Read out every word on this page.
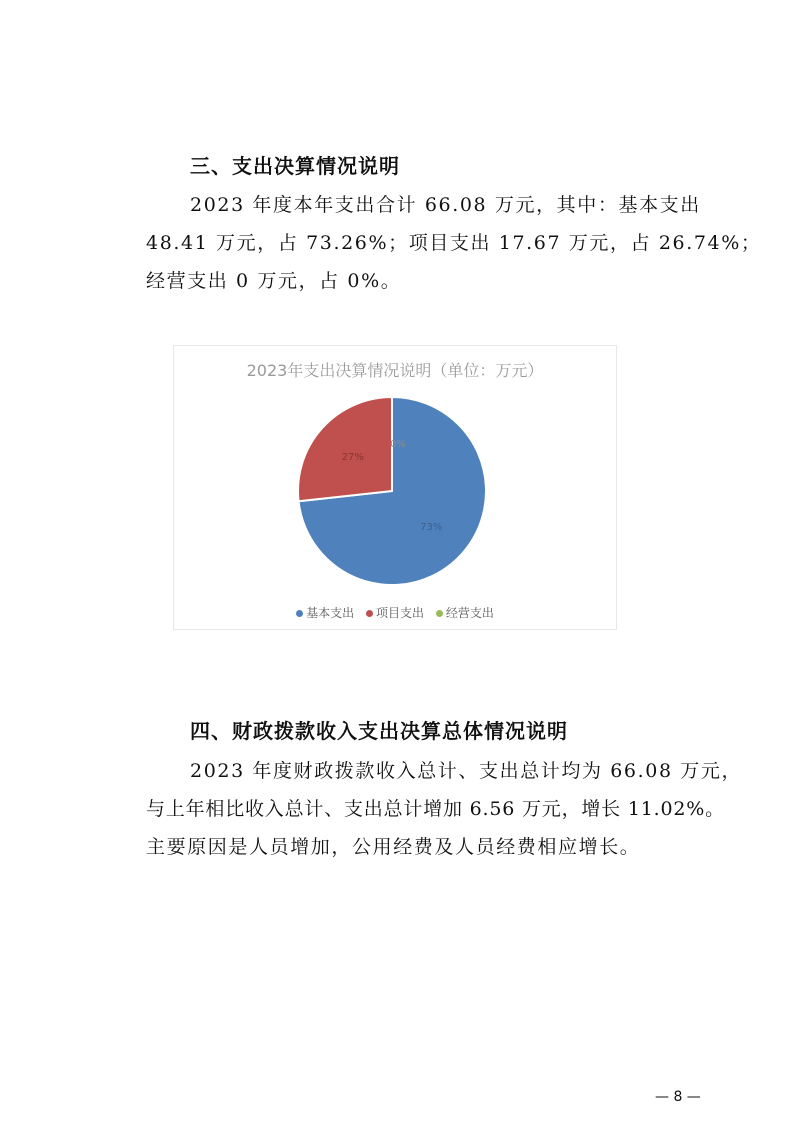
三、支出决算情况说明
2023 年度本年支出合计 66.08 万元，其中：基本支出
48.41 万元，占 73.26%；项目支出 17.67 万元，占 26.74%；
经营支出 0 万元，占 0%。
2023年支出决算情况说明（单位：万元）
73%
27%
0%
基本支出 项目支出 经营支出
四、财政拨款收入支出决算总体情况说明
2023 年度财政拨款收入总计、支出总计均为 66.08 万元，
与上年相比收入总计、支出总计增加 6.56 万元，增长 11.02%。
主要原因是人员增加，公用经费及人员经费相应增长。
— 8 —
